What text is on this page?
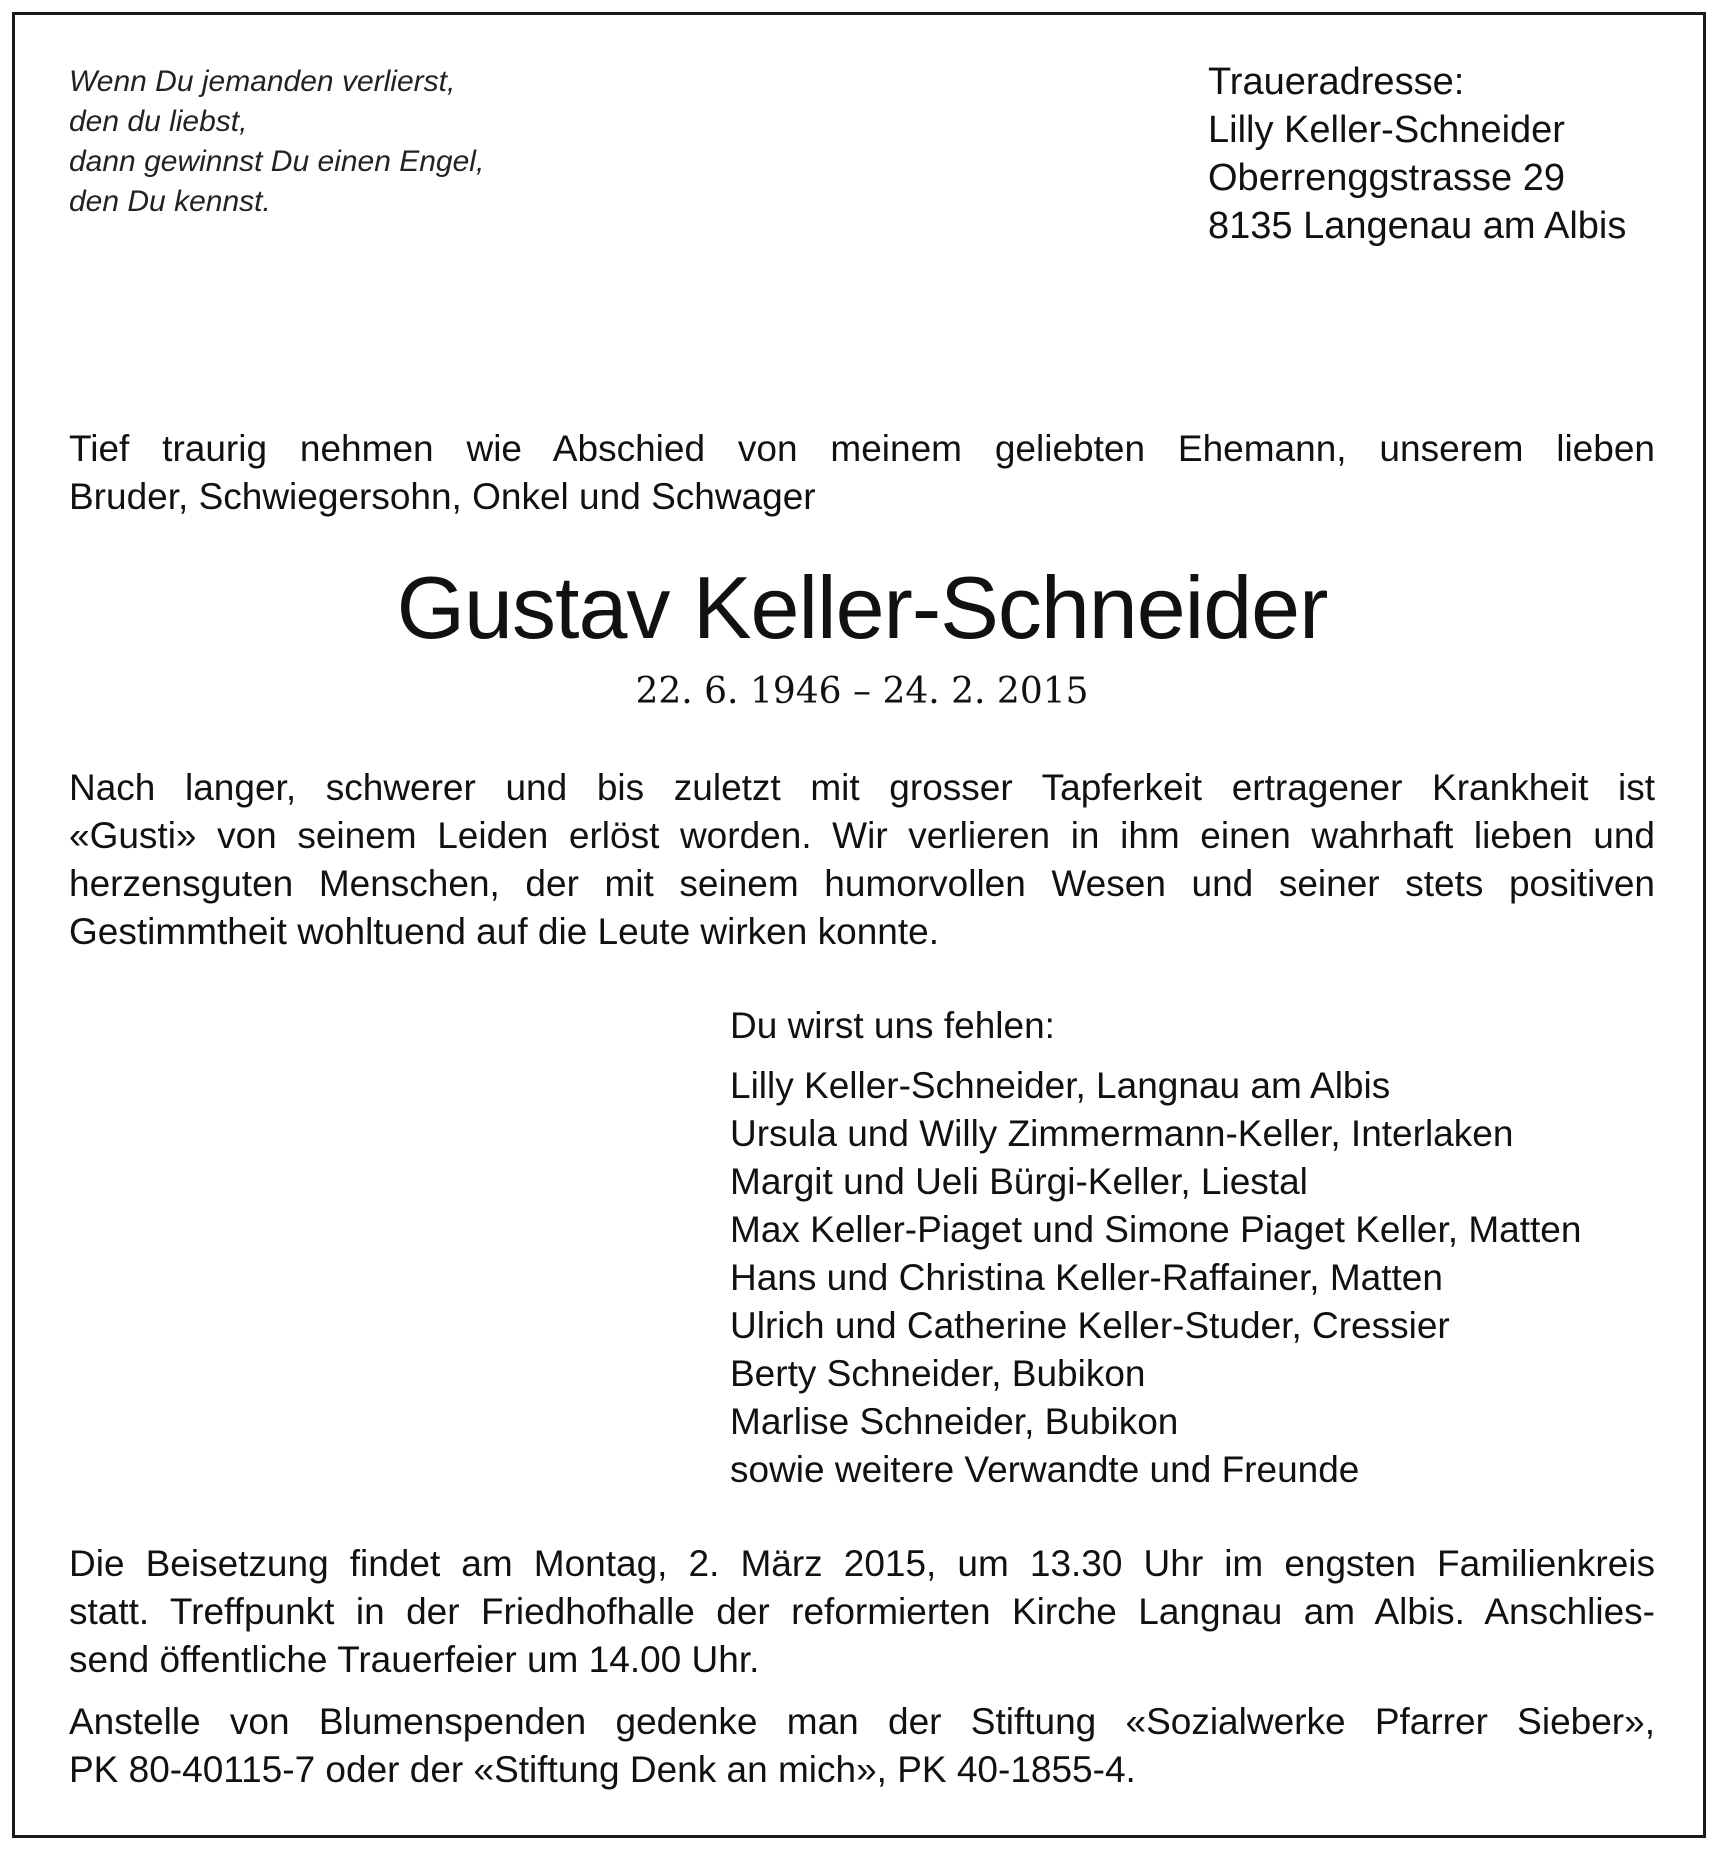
Wenn Du jemanden verlierst,
den du liebst,
dann gewinnst Du einen Engel,
den Du kennst.
Traueradresse:
Lilly Keller-Schneider
Oberrenggstrasse 29
8135 Langenau am Albis
Tief traurig nehmen wie Abschied von meinem geliebten Ehemann, unserem lieben
Bruder, Schwiegersohn, Onkel und Schwager
Gustav Keller-Schneider
22. 6. 1946 – 24. 2. 2015
Nach langer, schwerer und bis zuletzt mit grosser Tapferkeit ertragener Krankheit ist
«Gusti» von seinem Leiden erlöst worden. Wir verlieren in ihm einen wahrhaft lieben und
herzensguten Menschen, der mit seinem humorvollen Wesen und seiner stets positiven
Gestimmtheit wohltuend auf die Leute wirken konnte.
Du wirst uns fehlen:
Lilly Keller-Schneider, Langnau am Albis
Ursula und Willy Zimmermann-Keller, Interlaken
Margit und Ueli Bürgi-Keller, Liestal
Max Keller-Piaget und Simone Piaget Keller, Matten
Hans und Christina Keller-Raffainer, Matten
Ulrich und Catherine Keller-Studer, Cressier
Berty Schneider, Bubikon
Marlise Schneider, Bubikon
sowie weitere Verwandte und Freunde
Die Beisetzung findet am Montag, 2. März 2015, um 13.30 Uhr im engsten Familienkreis
statt. Treffpunkt in der Friedhofhalle der reformierten Kirche Langnau am Albis. Anschlies-
send öffentliche Trauerfeier um 14.00 Uhr.
Anstelle von Blumenspenden gedenke man der Stiftung «Sozialwerke Pfarrer Sieber»,
PK 80-40115-7 oder der «Stiftung Denk an mich», PK 40-1855-4.
